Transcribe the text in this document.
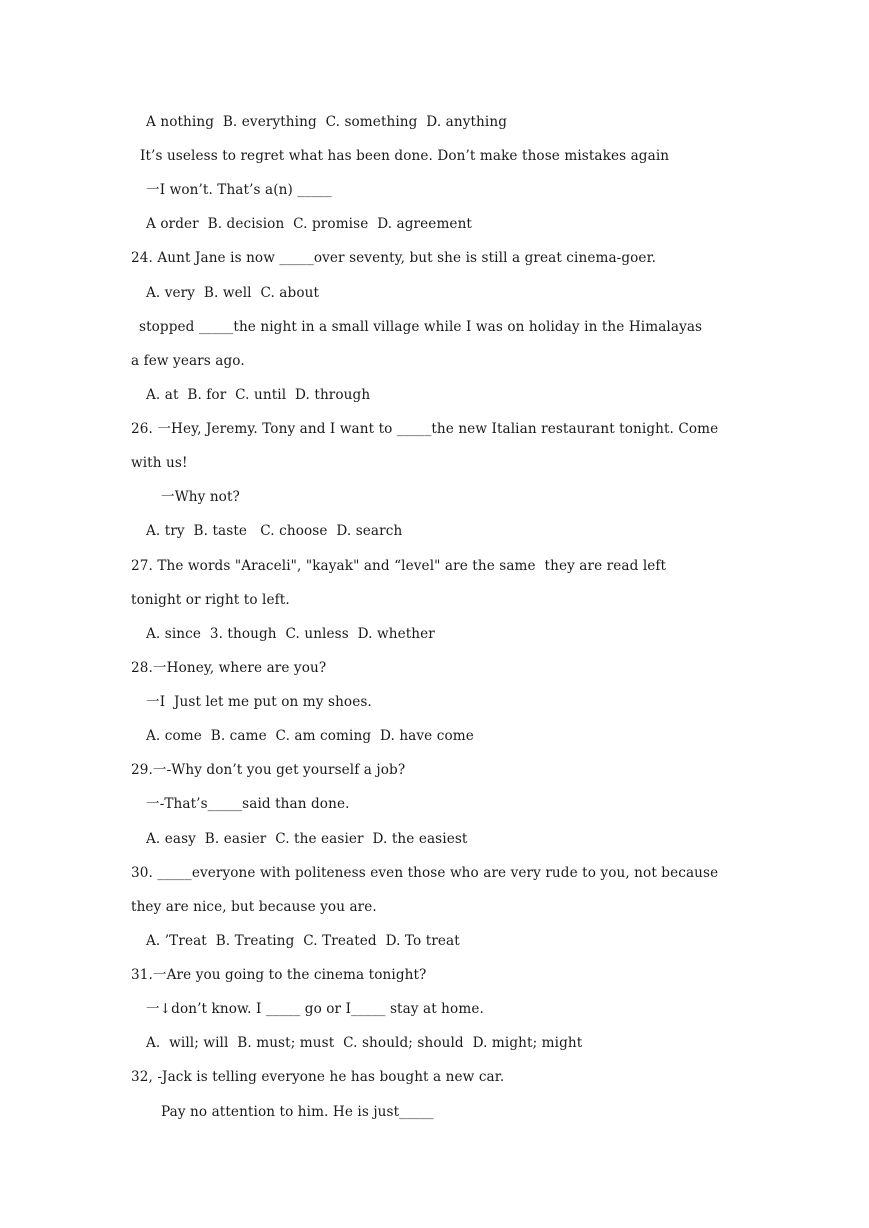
A nothing  B. everything  C. something  D. anything
It’s useless to regret what has been done. Don’t make those mistakes again
一I won’t. That’s a(n) _____
A order  B. decision  C. promise  D. agreement
24. Aunt Jane is now _____over seventy, but she is still a great cinema-goer.
A. very  B. well  C. about
stopped _____the night in a small village while I was on holiday in the Himalayas
a few years ago.
A. at  B. for  C. until  D. through
26. 一Hey, Jeremy. Tony and I want to _____the new Italian restaurant tonight. Come
with us!
一Why not?
A. try  B. taste   C. choose  D. search
27. The words "Araceli", "kayak" and “level" are the same  they are read left
tonight or right to left.
A. since  3. though  C. unless  D. whether
28.一Honey, where are you?
一I  Just let me put on my shoes.
A. come  B. came  C. am coming  D. have come
29.一-Why don’t you get yourself a job?
一-That’s_____said than done.
A. easy  B. easier  C. the easier  D. the easiest
30. _____everyone with politeness even those who are very rude to you, not because
they are nice, but because you are.
A. ’Treat  B. Treating  C. Treated  D. To treat
31.一Are you going to the cinema tonight?
一↓don’t know. I _____ go or I_____ stay at home.
A.  will; will  B. must; must  C. should; should  D. might; might
32, -Jack is telling everyone he has bought a new car.
Pay no attention to him. He is just_____
